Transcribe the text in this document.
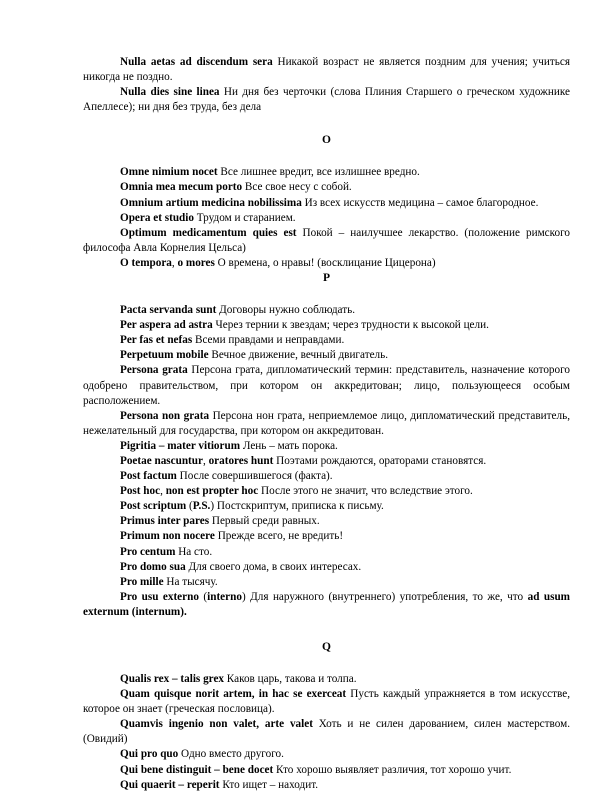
Nulla aetas ad discendum sera Никакой возраст не является поздним для учения; учиться никогда не поздно.

Nulla dies sine linea Ни дня без черточки (слова Плиния Старшего о греческом художнике Апеллесе); ни дня без труда, без дела

O

Omne nimium nocet Все лишнее вредит, все излишнее вредно.

Omnia mea mecum porto Все свое несу с собой.

Omnium artium medicina nobilissima Из всех искусств медицина – самое благородное.

Opera et studio Трудом и старанием.

Optimum medicamentum quies est Покой – наилучшее лекарство. (положение римского философа Авла Корнелия Цельса)

O tempora, o mores О времена, о нравы! (восклицание Цицерона)

P

Pacta servanda sunt Договоры нужно соблюдать.

Per aspera ad astra Через тернии к звездам; через трудности к высокой цели.

Per fas et nefas Всеми правдами и неправдами.

Perpetuum mobile Вечное движение, вечный двигатель.

Persona grata Персона грата, дипломатический термин: представитель, назначение которого одобрено правительством, при котором он аккредитован; лицо, пользующееся особым расположением.

Persona non grata Персона нон грата, неприемлемое лицо, дипломатический представитель, нежелательный для государства, при котором он аккредитован.

Pigritia – mater vitiorum Лень – мать порока.

Poetae nascuntur, oratores hunt Поэтами рождаются, ораторами становятся.

Post factum После совершившегося (факта).

Post hoc, non est propter hoc После этого не значит, что вследствие этого.

Post scriptum (P.S.) Постскриптум, приписка к письму.

Primus inter pares Первый среди равных.

Primum non nocere Прежде всего, не вредить!

Pro centum На сто.

Pro domo sua Для своего дома, в своих интересах.

Pro mille На тысячу.

Pro usu externo (interno) Для наружного (внутреннего) употребления, то же, что ad usum externum (internum).

Q

Qualis rex – talis grex Каков царь, такова и толпа.

Quam quisque norit artem, in hac se exerceat Пусть каждый упражняется в том искусстве, которое он знает (греческая пословица).

Quamvis ingenio non valet, arte valet Хоть и не силен дарованием, силен мастерством. (Овидий)

Qui pro quo Одно вместо другого.

Qui bene distinguit – bene docet Кто хорошо выявляет различия, тот хорошо учит.

Qui quaerit – reperit Кто ищет – находит.
